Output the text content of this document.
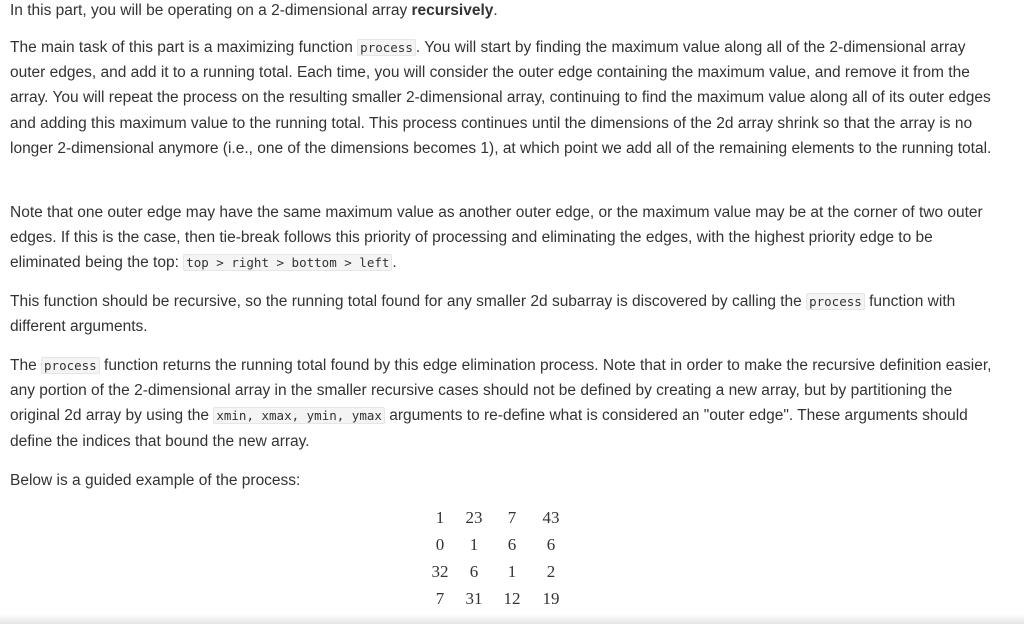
In this part, you will be operating on a 2-dimensional array recursively.

The main task of this part is a maximizing function process . You will start by finding the maximum value along all of the 2-dimensional array outer edges, and add it to a running total. Each time, you will consider the outer edge containing the maximum value, and remove it from the array. You will repeat the process on the resulting smaller 2-dimensional array, continuing to find the maximum value along all of its outer edges and adding this maximum value to the running total. This process continues until the dimensions of the 2d array shrink so that the array is no longer 2-dimensional anymore (i.e., one of the dimensions becomes 1), at which point we add all of the remaining elements to the running total.

Note that one outer edge may have the same maximum value as another outer edge, or the maximum value may be at the corner of two outer edges. If this is the case, then tie-break follows this priority of processing and eliminating the edges, with the highest priority edge to be eliminated being the top: top > right > bottom > left .

This function should be recursive, so the running total found for any smaller 2d subarray is discovered by calling the process function with different arguments.

The process function returns the running total found by this edge elimination process. Note that in order to make the recursive definition easier, any portion of the 2-dimensional array in the smaller recursive cases should not be defined by creating a new array, but by partitioning the original 2d array by using the xmin, xmax, ymin, ymax arguments to re-define what is considered an "outer edge". These arguments should define the indices that bound the new array.

Below is a guided example of the process:

1	23	7	43
0	1	6	6
32	6	1	2
7	31	12	19
